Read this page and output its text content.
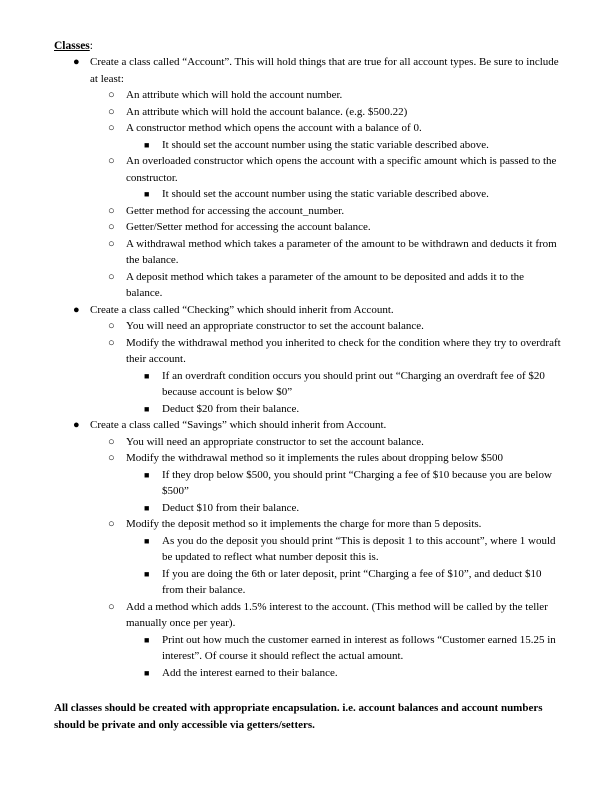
Classes:
● Create a class called “Account”. This will hold things that are true for all account types. Be sure to include at least:
○ An attribute which will hold the account number.
○ An attribute which will hold the account balance. (e.g. $500.22)
○ A constructor method which opens the account with a balance of 0.
■ It should set the account number using the static variable described above.
○ An overloaded constructor which opens the account with a specific amount which is passed to the constructor.
■ It should set the account number using the static variable described above.
○ Getter method for accessing the account_number.
○ Getter/Setter method for accessing the account balance.
○ A withdrawal method which takes a parameter of the amount to be withdrawn and deducts it from the balance.
○ A deposit method which takes a parameter of the amount to be deposited and adds it to the balance.
● Create a class called “Checking” which should inherit from Account.
○ You will need an appropriate constructor to set the account balance.
○ Modify the withdrawal method you inherited to check for the condition where they try to overdraft their account.
■ If an overdraft condition occurs you should print out “Charging an overdraft fee of $20 because account is below $0”
■ Deduct $20 from their balance.
● Create a class called “Savings” which should inherit from Account.
○ You will need an appropriate constructor to set the account balance.
○ Modify the withdrawal method so it implements the rules about dropping below $500
■ If they drop below $500, you should print “Charging a fee of $10 because you are below $500”
■ Deduct $10 from their balance.
○ Modify the deposit method so it implements the charge for more than 5 deposits.
■ As you do the deposit you should print “This is deposit 1 to this account”, where 1 would be updated to reflect what number deposit this is.
■ If you are doing the 6th or later deposit, print “Charging a fee of $10”, and deduct $10 from their balance.
○ Add a method which adds 1.5% interest to the account. (This method will be called by the teller manually once per year).
■ Print out how much the customer earned in interest as follows “Customer earned 15.25 in interest”. Of course it should reflect the actual amount.
■ Add the interest earned to their balance.
All classes should be created with appropriate encapsulation. i.e. account balances and account numbers should be private and only accessible via getters/setters.
